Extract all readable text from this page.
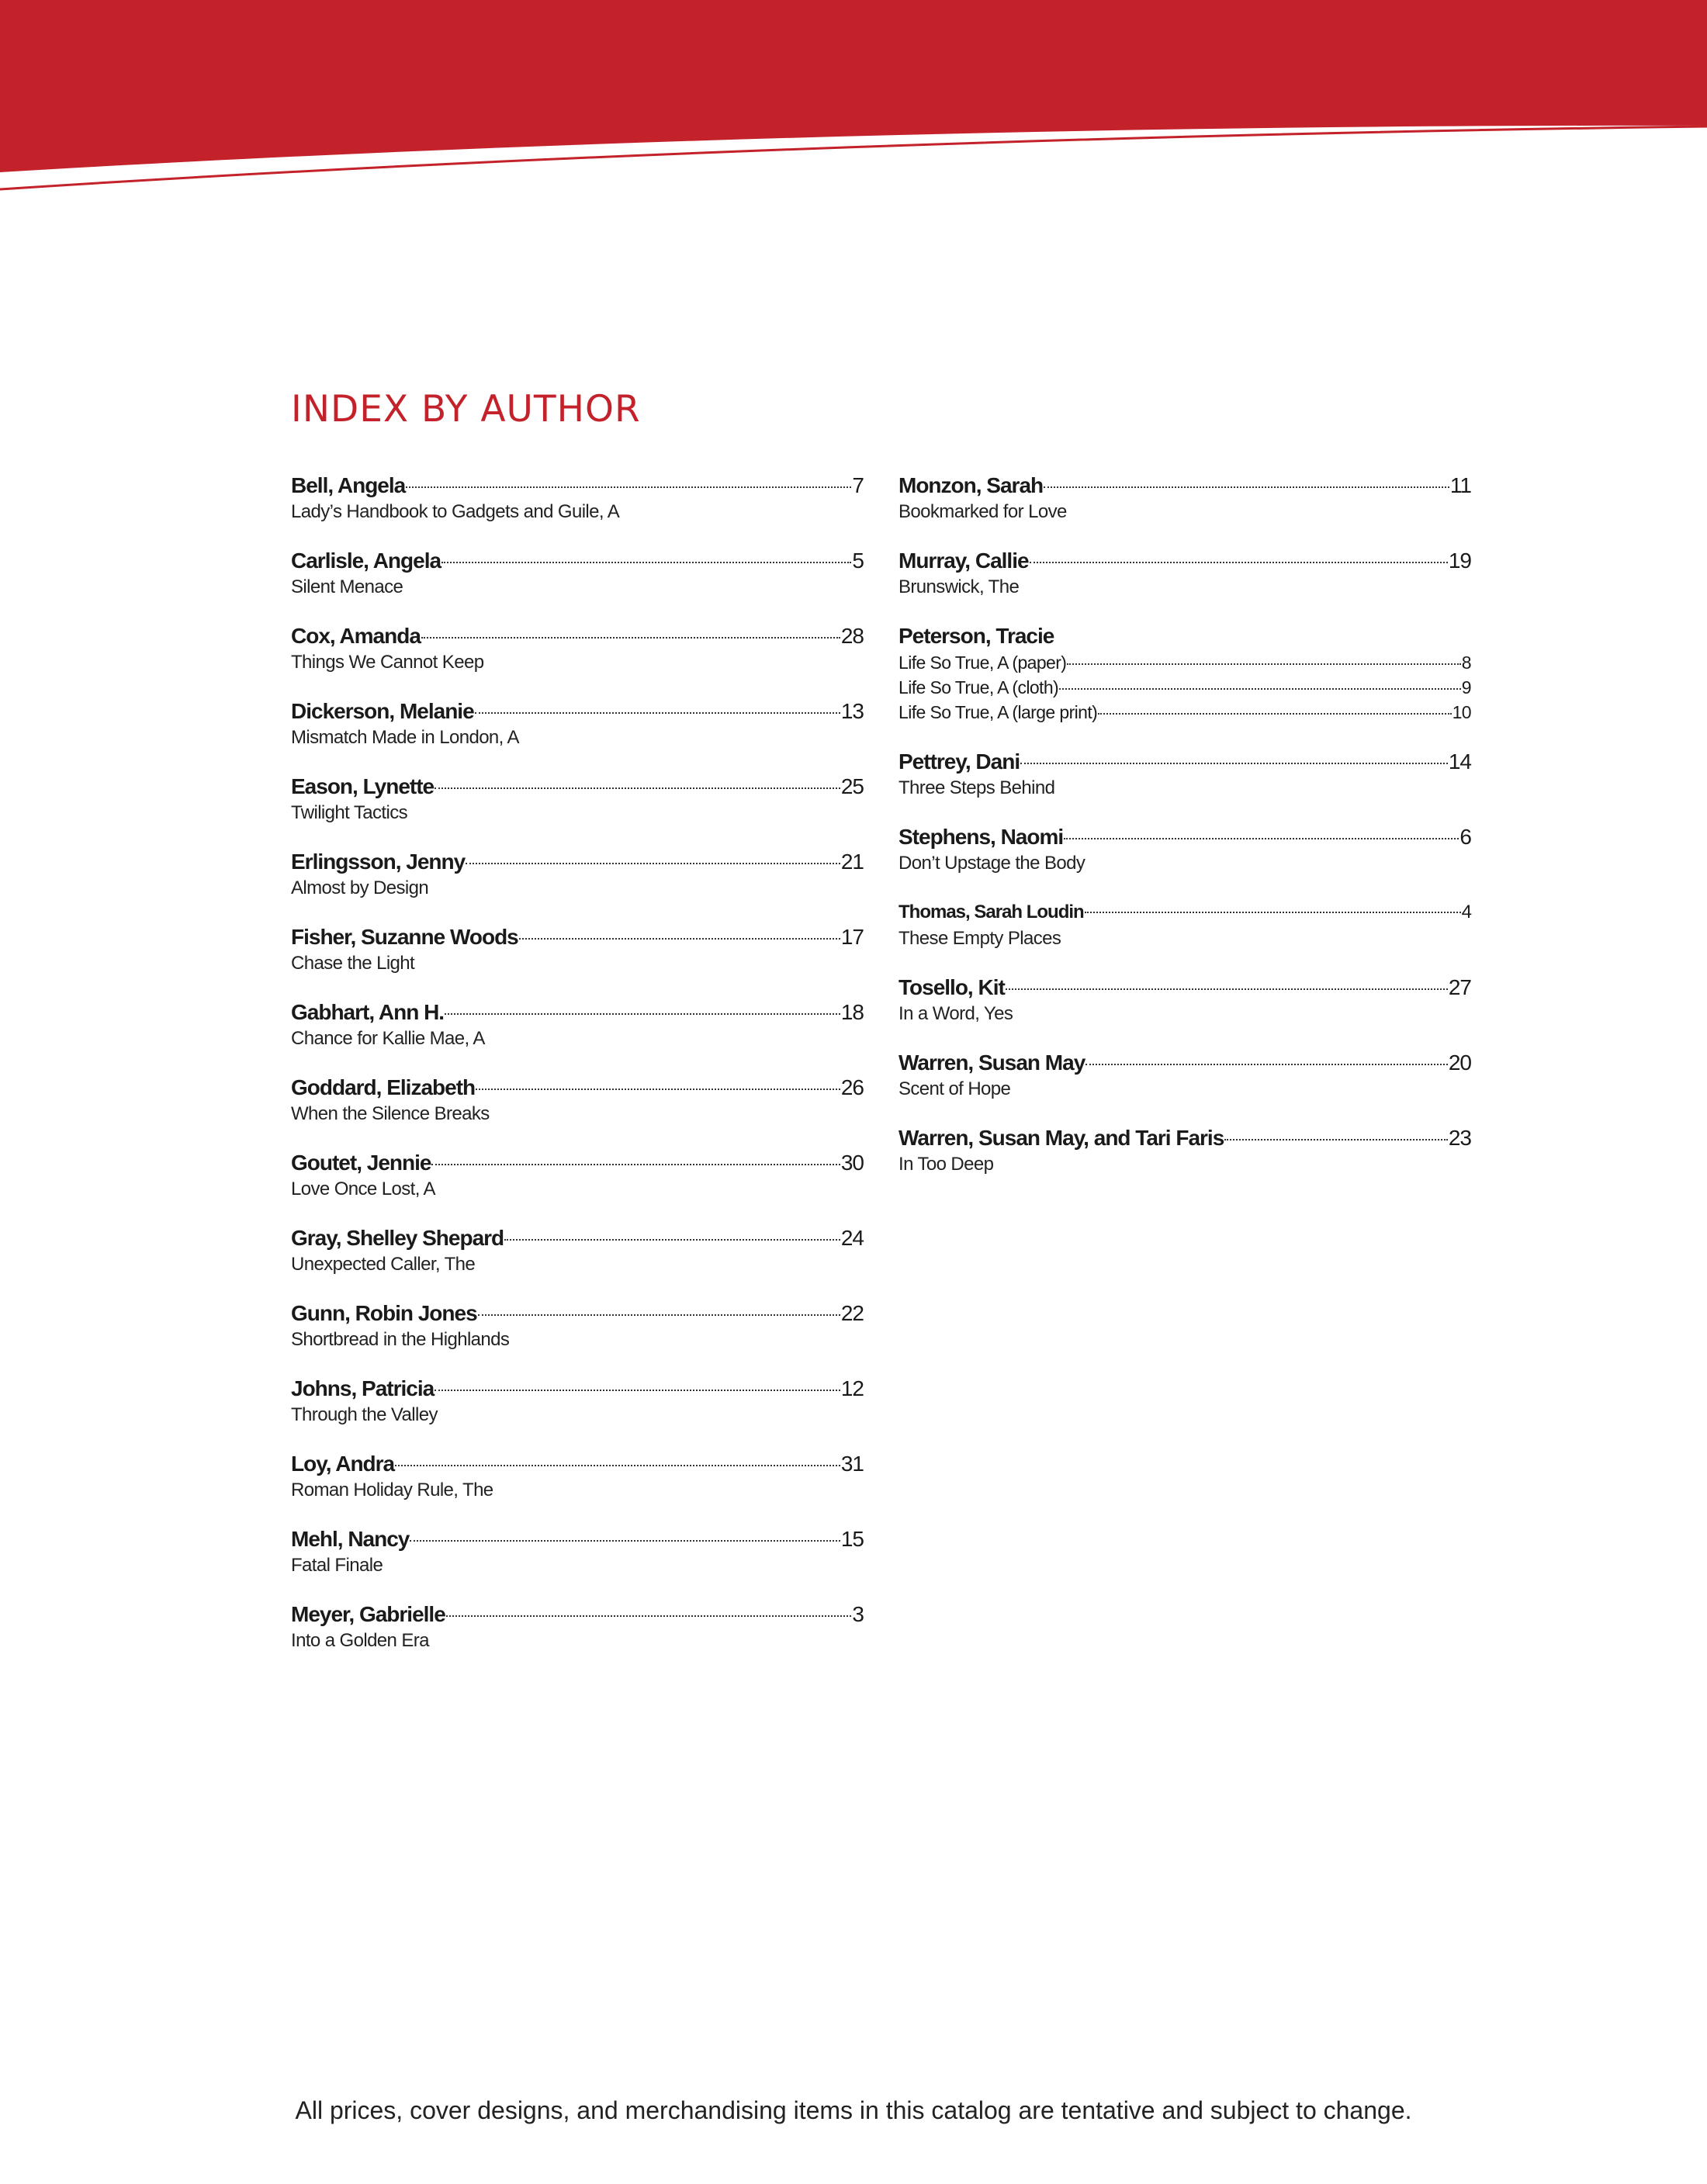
INDEX BY AUTHOR
Bell, Angela	7
Lady’s Handbook to Gadgets and Guile, A
Carlisle, Angela	5
Silent Menace
Cox, Amanda	28
Things We Cannot Keep
Dickerson, Melanie	13
Mismatch Made in London, A
Eason, Lynette	25
Twilight Tactics
Erlingsson, Jenny	21
Almost by Design
Fisher, Suzanne Woods	17
Chase the Light
Gabhart, Ann H.	18
Chance for Kallie Mae, A
Goddard, Elizabeth	26
When the Silence Breaks
Goutet, Jennie	30
Love Once Lost, A
Gray, Shelley Shepard	24
Unexpected Caller, The
Gunn, Robin Jones	22
Shortbread in the Highlands
Johns, Patricia	12
Through the Valley
Loy, Andra	31
Roman Holiday Rule, The
Mehl, Nancy	15
Fatal Finale
Meyer, Gabrielle	3
Into a Golden Era
Monzon, Sarah	11
Bookmarked for Love
Murray, Callie	19
Brunswick, The
Peterson, Tracie
Life So True, A (paper)	8
Life So True, A (cloth)	9
Life So True, A (large print)	10
Pettrey, Dani	14
Three Steps Behind
Stephens, Naomi	6
Don’t Upstage the Body
Thomas, Sarah Loudin	4
These Empty Places
Tosello, Kit	27
In a Word, Yes
Warren, Susan May	20
Scent of Hope
Warren, Susan May, and Tari Faris	23
In Too Deep
All prices, cover designs, and merchandising items in this catalog are tentative and subject to change.
